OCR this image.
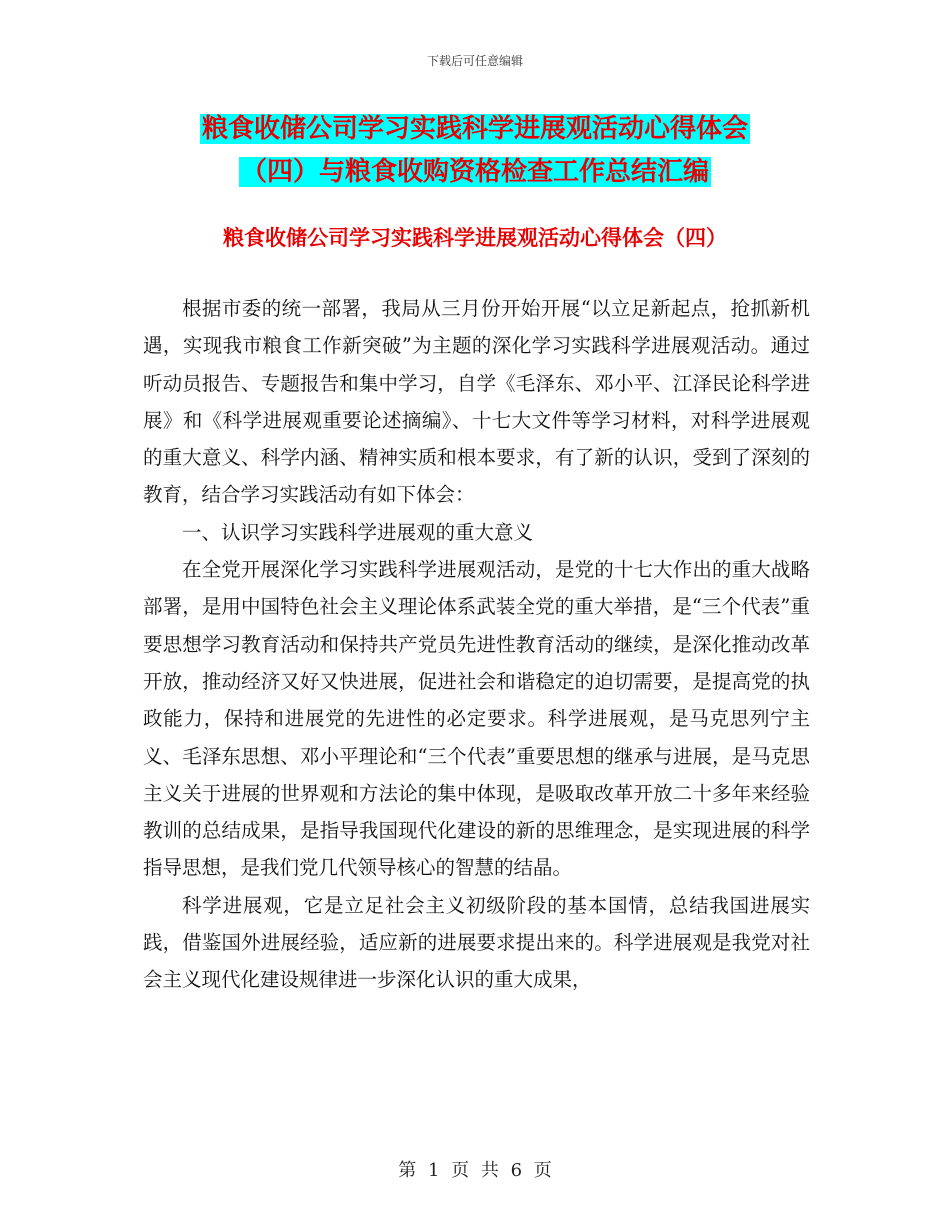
下载后可任意编辑
粮食收储公司学习实践科学进展观活动心得体会
（四）与粮食收购资格检查工作总结汇编
粮食收储公司学习实践科学进展观活动心得体会（四）

根据市委的统一部署，我局从三月份开始开展“以立足新起点，抢抓新机遇，实现我市粮食工作新突破”为主题的深化学习实践科学进展观活动。通过听动员报告、专题报告和集中学习，自学《毛泽东、邓小平、江泽民论科学进展》和《科学进展观重要论述摘编》、十七大文件等学习材料，对科学进展观的重大意义、科学内涵、精神实质和根本要求，有了新的认识，受到了深刻的教育，结合学习实践活动有如下体会：

一、认识学习实践科学进展观的重大意义

在全党开展深化学习实践科学进展观活动，是党的十七大作出的重大战略部署，是用中国特色社会主义理论体系武装全党的重大举措，是“三个代表”重要思想学习教育活动和保持共产党员先进性教育活动的继续，是深化推动改革开放，推动经济又好又快进展，促进社会和谐稳定的迫切需要，是提高党的执政能力，保持和进展党的先进性的必定要求。科学进展观，是马克思列宁主义、毛泽东思想、邓小平理论和“三个代表”重要思想的继承与进展，是马克思主义关于进展的世界观和方法论的集中体现，是吸取改革开放二十多年来经验教训的总结成果，是指导我国现代化建设的新的思维理念，是实现进展的科学指导思想，是我们党几代领导核心的智慧的结晶。

科学进展观，它是立足社会主义初级阶段的基本国情，总结我国进展实践，借鉴国外进展经验，适应新的进展要求提出来的。科学进展观是我党对社会主义现代化建设规律进一步深化认识的重大成果，

第 1 页 共 6 页
